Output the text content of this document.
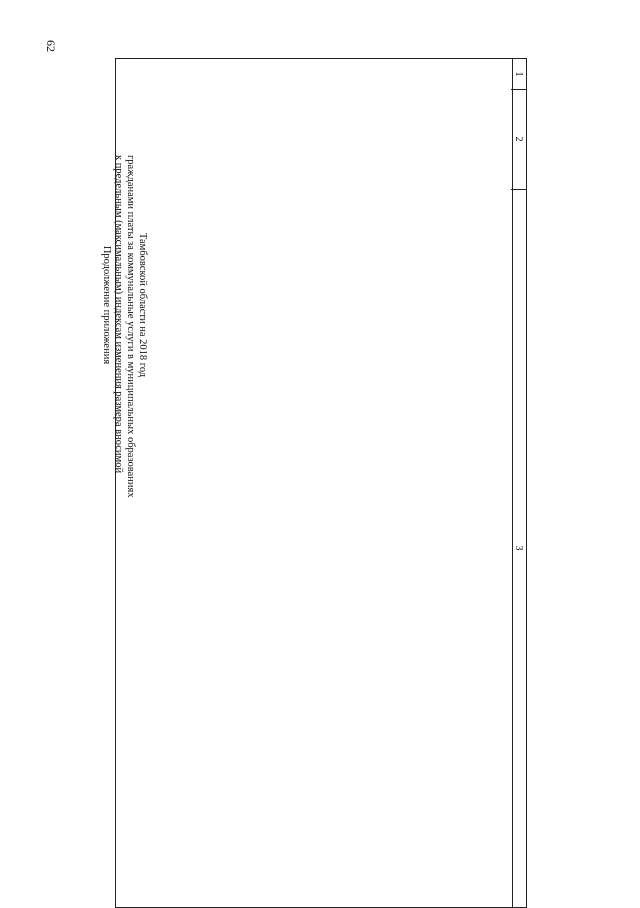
62
Продолжение приложения к предельным (максимальным) индексам изменения размера вносимой гражданами платы за коммунальные услуги в муниципальных образованиях Тамбовской области на 2018 год
1
2
3
